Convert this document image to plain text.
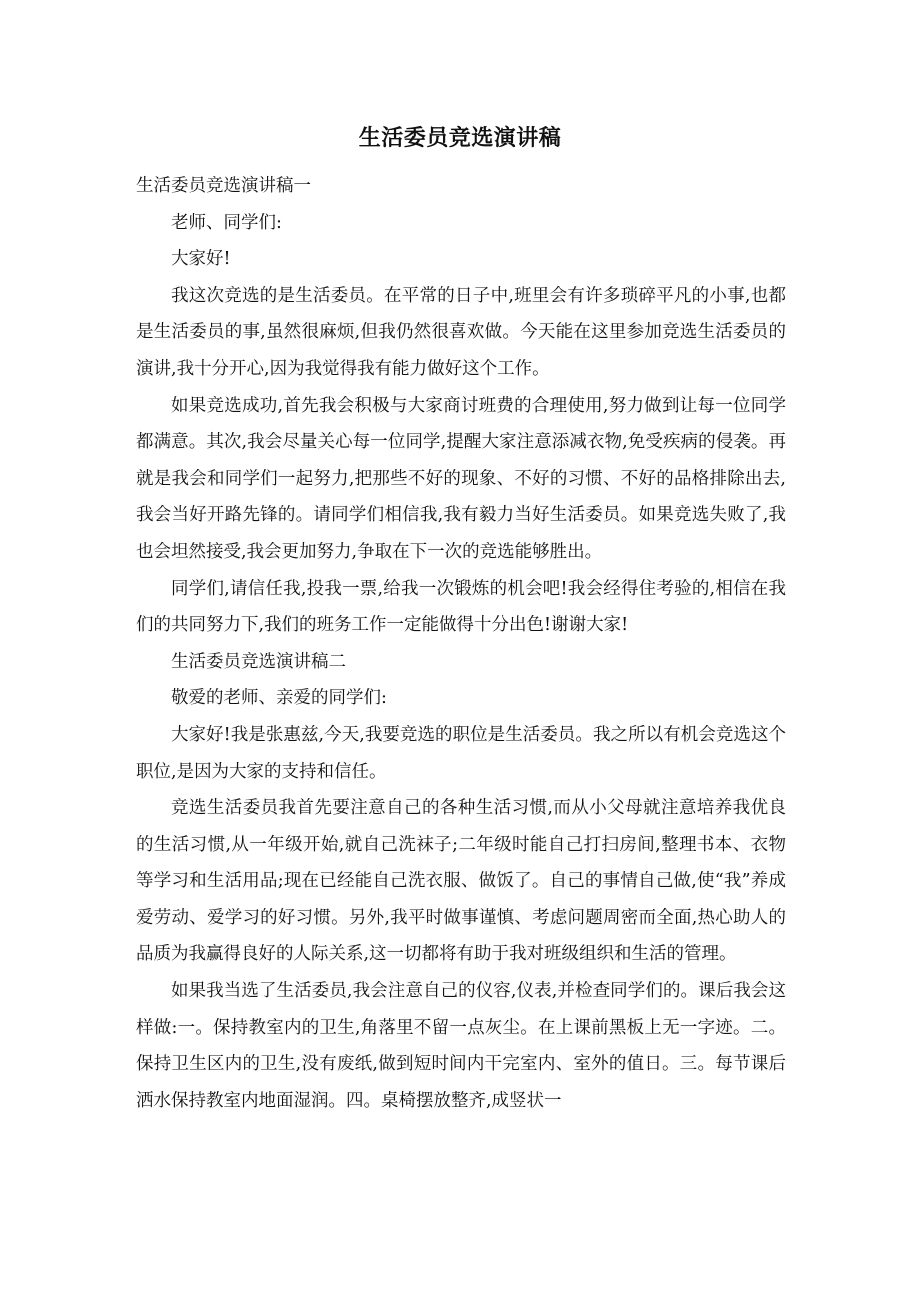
生活委员竞选演讲稿

生活委员竞选演讲稿一

老师、同学们:

大家好!

我这次竞选的是生活委员。在平常的日子中,班里会有许多琐碎平凡的小事,也都是生活委员的事,虽然很麻烦,但我仍然很喜欢做。今天能在这里参加竞选生活委员的演讲,我十分开心,因为我觉得我有能力做好这个工作。

如果竞选成功,首先我会积极与大家商讨班费的合理使用,努力做到让每一位同学都满意。其次,我会尽量关心每一位同学,提醒大家注意添减衣物,免受疾病的侵袭。再就是我会和同学们一起努力,把那些不好的现象、不好的习惯、不好的品格排除出去,我会当好开路先锋的。请同学们相信我,我有毅力当好生活委员。如果竞选失败了,我也会坦然接受,我会更加努力,争取在下一次的竞选能够胜出。

同学们,请信任我,投我一票,给我一次锻炼的机会吧!我会经得住考验的,相信在我们的共同努力下,我们的班务工作一定能做得十分出色!谢谢大家!

生活委员竞选演讲稿二

敬爱的老师、亲爱的同学们:

大家好!我是张惠兹,今天,我要竞选的职位是生活委员。我之所以有机会竞选这个职位,是因为大家的支持和信任。

竞选生活委员我首先要注意自己的各种生活习惯,而从小父母就注意培养我优良的生活习惯,从一年级开始,就自己洗袜子;二年级时能自己打扫房间,整理书本、衣物等学习和生活用品;现在已经能自己洗衣服、做饭了。自己的事情自己做,使“我”养成爱劳动、爱学习的好习惯。另外,我平时做事谨慎、考虑问题周密而全面,热心助人的品质为我赢得良好的人际关系,这一切都将有助于我对班级组织和生活的管理。

如果我当选了生活委员,我会注意自己的仪容,仪表,并检查同学们的。课后我会这样做:一。保持教室内的卫生,角落里不留一点灰尘。在上课前黑板上无一字迹。二。保持卫生区内的卫生,没有废纸,做到短时间内干完室内、室外的值日。三。每节课后洒水保持教室内地面湿润。四。桌椅摆放整齐,成竖状一
